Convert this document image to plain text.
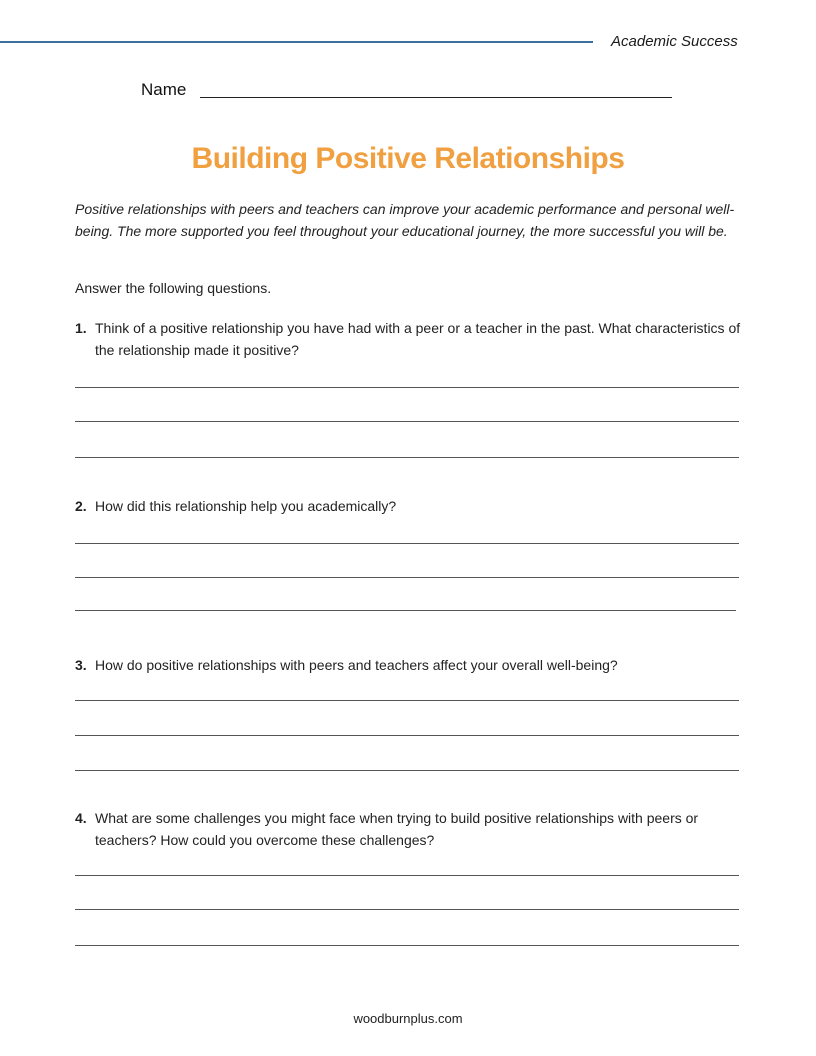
Academic Success
Name
Building Positive Relationships
Positive relationships with peers and teachers can improve your academic performance and personal well-being. The more supported you feel throughout your educational journey, the more successful you will be.
Answer the following questions.
1. Think of a positive relationship you have had with a peer or a teacher in the past. What characteristics of the relationship made it positive?
2. How did this relationship help you academically?
3. How do positive relationships with peers and teachers affect your overall well-being?
4. What are some challenges you might face when trying to build positive relationships with peers or teachers? How could you overcome these challenges?
woodburnplus.com
